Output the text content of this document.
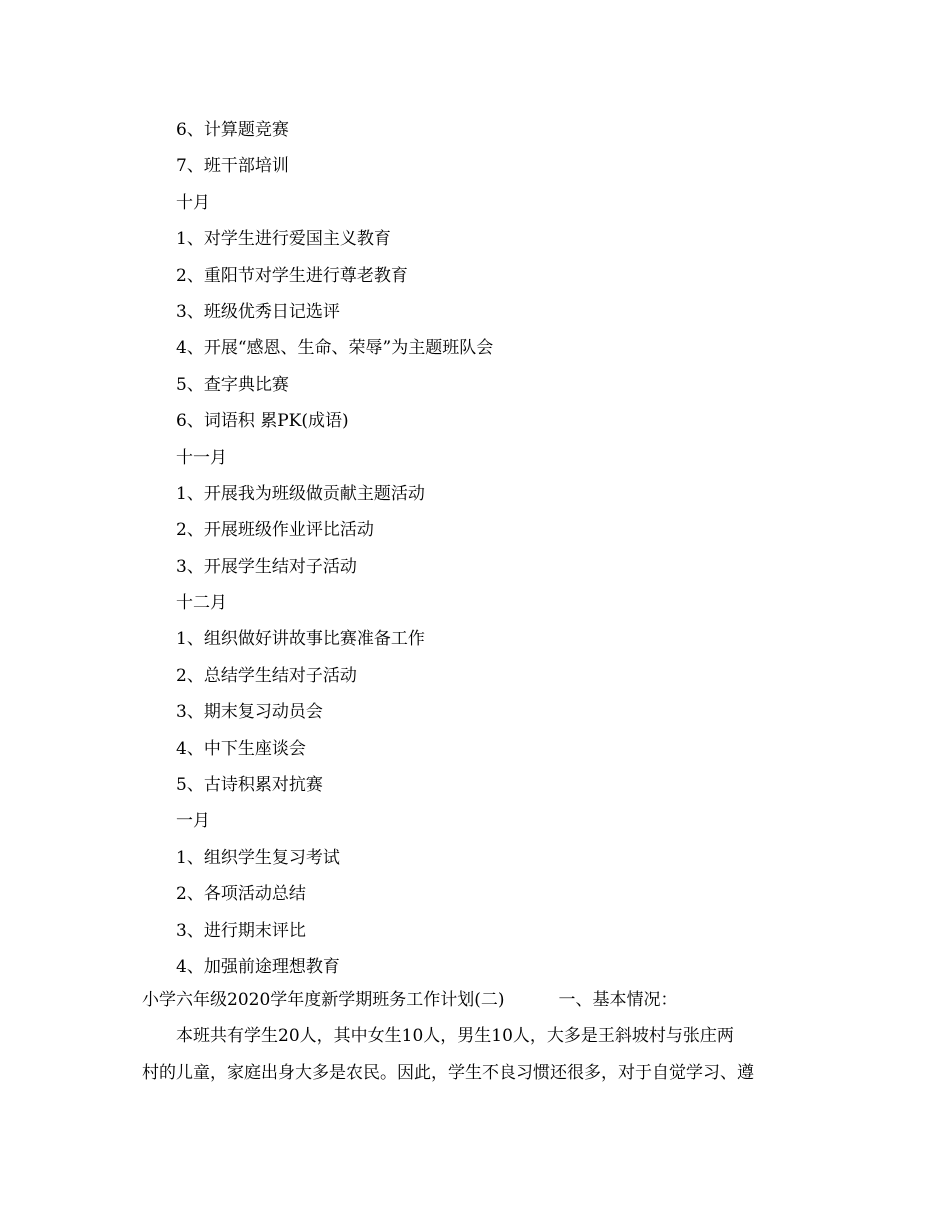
6、计算题竞赛
7、班干部培训
十月
1、对学生进行爱国主义教育
2、重阳节对学生进行尊老教育
3、班级优秀日记选评
4、开展“感恩、生命、荣辱”为主题班队会
5、查字典比赛
6、词语积 累PK(成语)
十一月
1、开展我为班级做贡献主题活动
2、开展班级作业评比活动
3、开展学生结对子活动
十二月
1、组织做好讲故事比赛准备工作
2、总结学生结对子活动
3、期末复习动员会
4、中下生座谈会
5、古诗积累对抗赛
一月
1、组织学生复习考试
2、各项活动总结
3、进行期末评比
4、加强前途理想教育
小学六年级2020学年度新学期班务工作计划(二)	一、基本情况：
本班共有学生20人，其中女生10人，男生10人，大多是王斜坡村与张庄两
村的儿童，家庭出身大多是农民。因此，学生不良习惯还很多，对于自觉学习、遵
